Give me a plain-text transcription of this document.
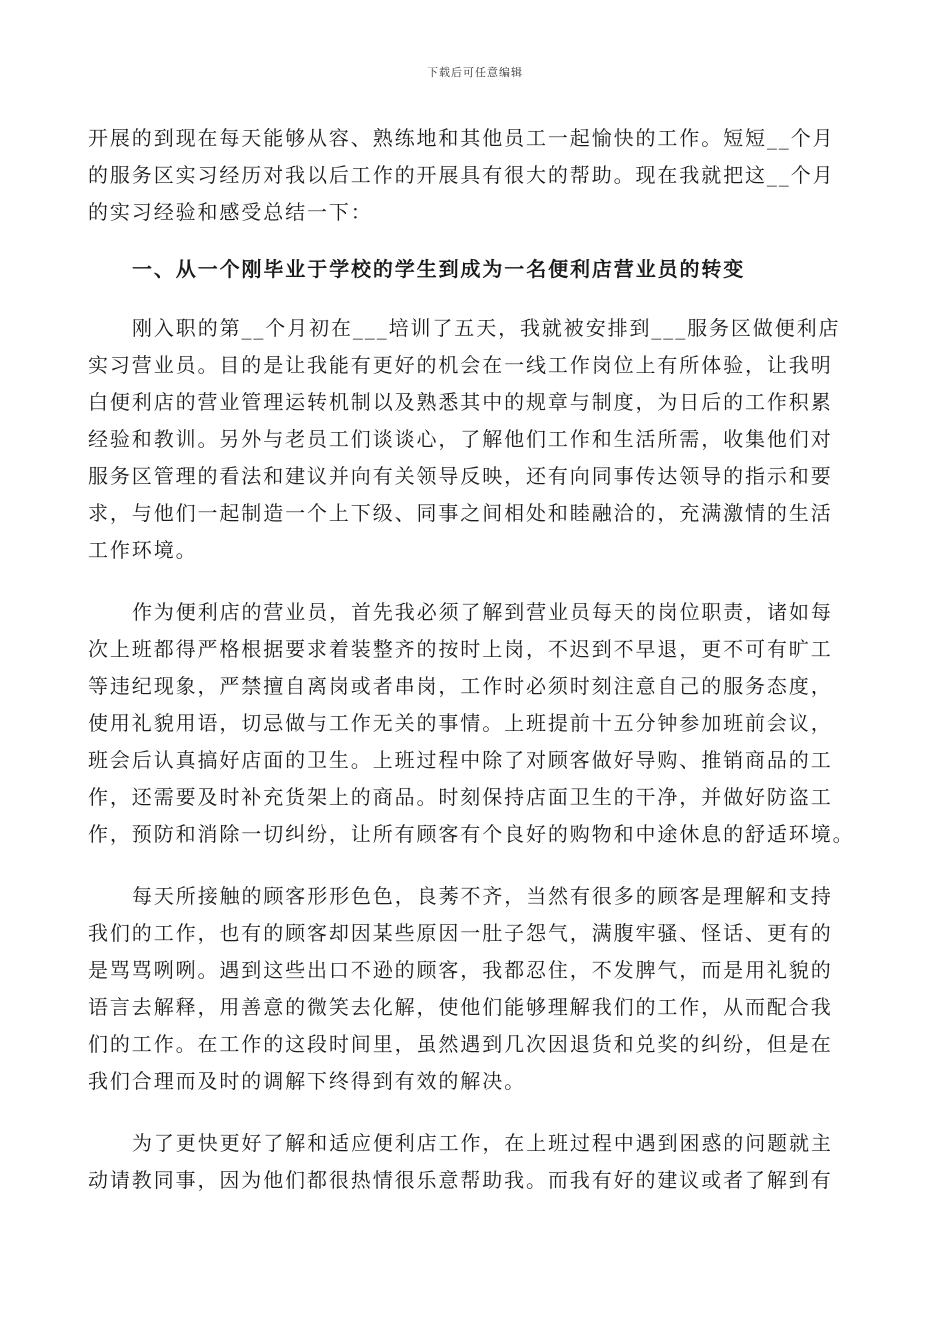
下载后可任意编辑

开展的到现在每天能够从容、熟练地和其他员工一起愉快的工作。短短__个月
的服务区实习经历对我以后工作的开展具有很大的帮助。现在我就把这__个月
的实习经验和感受总结一下：

一、从一个刚毕业于学校的学生到成为一名便利店营业员的转变

刚入职的第__个月初在___培训了五天，我就被安排到___服务区做便利店
实习营业员。目的是让我能有更好的机会在一线工作岗位上有所体验，让我明
白便利店的营业管理运转机制以及熟悉其中的规章与制度，为日后的工作积累
经验和教训。另外与老员工们谈谈心，了解他们工作和生活所需，收集他们对
服务区管理的看法和建议并向有关领导反映，还有向同事传达领导的指示和要
求，与他们一起制造一个上下级、同事之间相处和睦融洽的，充满激情的生活
工作环境。

作为便利店的营业员，首先我必须了解到营业员每天的岗位职责，诸如每
次上班都得严格根据要求着装整齐的按时上岗，不迟到不早退，更不可有旷工
等违纪现象，严禁擅自离岗或者串岗，工作时必须时刻注意自己的服务态度，
使用礼貌用语，切忌做与工作无关的事情。上班提前十五分钟参加班前会议，
班会后认真搞好店面的卫生。上班过程中除了对顾客做好导购、推销商品的工
作，还需要及时补充货架上的商品。时刻保持店面卫生的干净，并做好防盗工
作，预防和消除一切纠纷，让所有顾客有个良好的购物和中途休息的舒适环境。

每天所接触的顾客形形色色，良莠不齐，当然有很多的顾客是理解和支持
我们的工作，也有的顾客却因某些原因一肚子怨气，满腹牢骚、怪话、更有的
是骂骂咧咧。遇到这些出口不逊的顾客，我都忍住，不发脾气，而是用礼貌的
语言去解释，用善意的微笑去化解，使他们能够理解我们的工作，从而配合我
们的工作。在工作的这段时间里，虽然遇到几次因退货和兑奖的纠纷，但是在
我们合理而及时的调解下终得到有效的解决。

为了更快更好了解和适应便利店工作，在上班过程中遇到困惑的问题就主
动请教同事，因为他们都很热情很乐意帮助我。而我有好的建议或者了解到有
